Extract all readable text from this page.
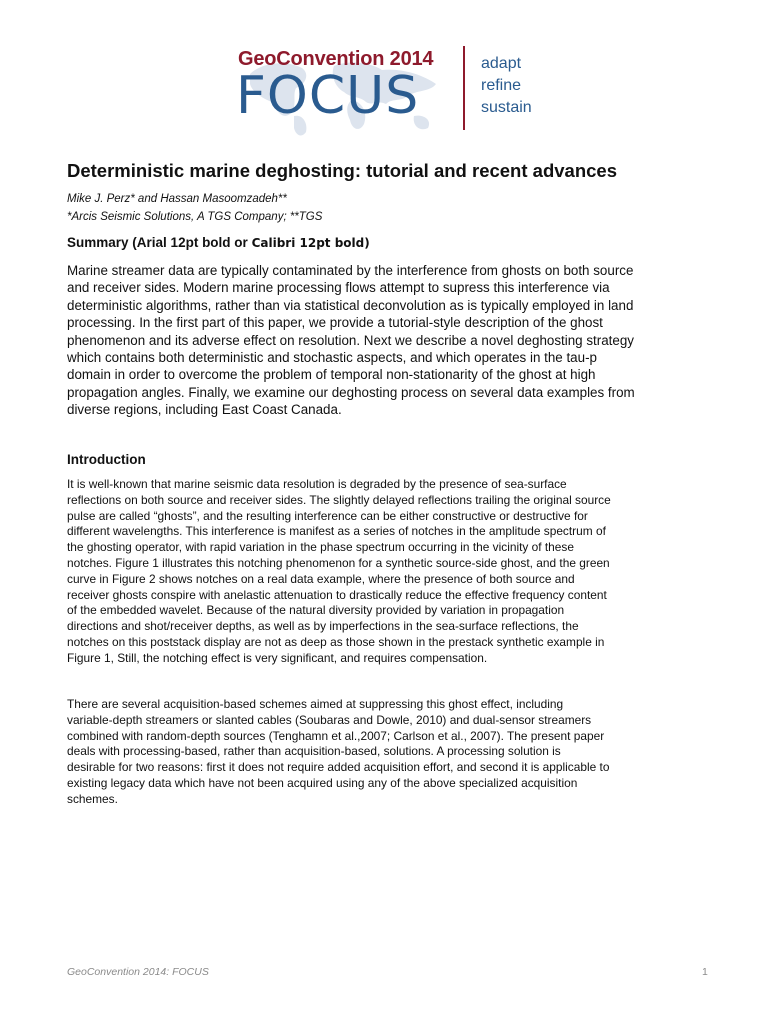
GeoConvention 2014
FOCUS
adapt
refine
sustain
Deterministic marine deghosting: tutorial and recent advances
Mike J. Perz* and Hassan Masoomzadeh**
*Arcis Seismic Solutions, A TGS Company; **TGS
Summary (Arial 12pt bold or Calibri 12pt bold)
Marine streamer data are typically contaminated by the interference from ghosts on both source
and receiver sides. Modern marine processing flows attempt to supress this interference via
deterministic algorithms, rather than via statistical deconvolution as is typically employed in land
processing. In the first part of this paper, we provide a tutorial-style description of the ghost
phenomenon and its adverse effect on resolution. Next we describe a novel deghosting strategy
which contains both deterministic and stochastic aspects, and which operates in the tau-p
domain in order to overcome the problem of temporal non-stationarity of the ghost at high
propagation angles. Finally, we examine our deghosting process on several data examples from
diverse regions, including East Coast Canada.
Introduction
It is well-known that marine seismic data resolution is degraded by the presence of sea-surface
reflections on both source and receiver sides. The slightly delayed reflections trailing the original source
pulse are called “ghosts”, and the resulting interference can be either constructive or destructive for
different wavelengths. This interference is manifest as a series of notches in the amplitude spectrum of
the ghosting operator, with rapid variation in the phase spectrum occurring in the vicinity of these
notches. Figure 1 illustrates this notching phenomenon for a synthetic source-side ghost, and the green
curve in Figure 2 shows notches on a real data example, where the presence of both source and
receiver ghosts conspire with anelastic attenuation to drastically reduce the effective frequency content
of the embedded wavelet. Because of the natural diversity provided by variation in propagation
directions and shot/receiver depths, as well as by imperfections in the sea-surface reflections, the
notches on this poststack display are not as deep as those shown in the prestack synthetic example in
Figure 1, Still, the notching effect is very significant, and requires compensation.
There are several acquisition-based schemes aimed at suppressing this ghost effect, including
variable-depth streamers or slanted cables (Soubaras and Dowle, 2010) and dual-sensor streamers
combined with random-depth sources (Tenghamn et al.,2007; Carlson et al., 2007). The present paper
deals with processing-based, rather than acquisition-based, solutions. A processing solution is
desirable for two reasons: first it does not require added acquisition effort, and second it is applicable to
existing legacy data which have not been acquired using any of the above specialized acquisition
schemes.
GeoConvention 2014: FOCUS	1
